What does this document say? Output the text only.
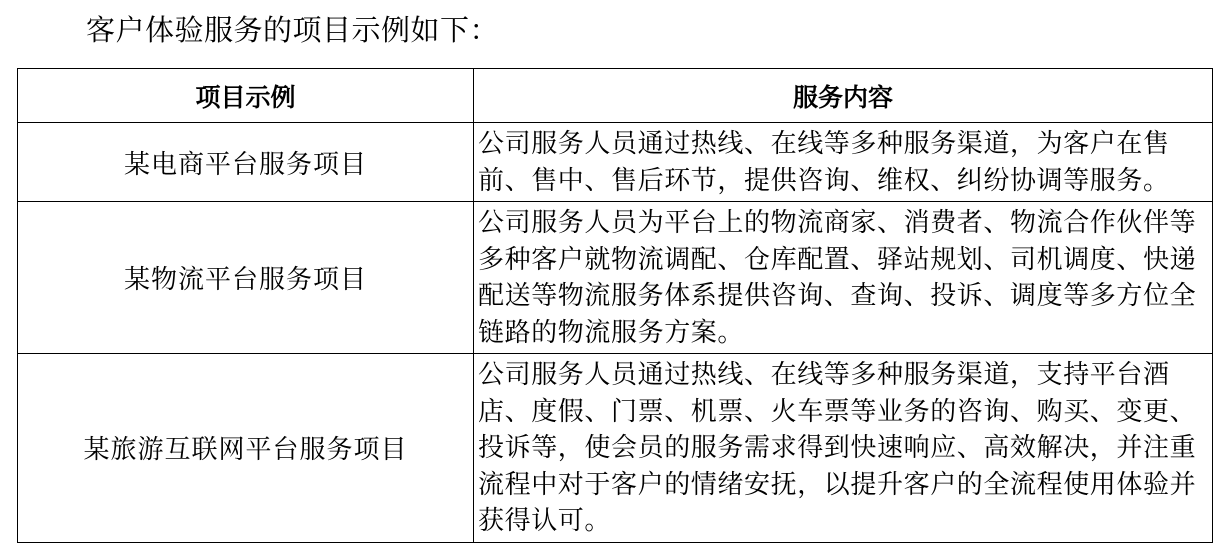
客户体验服务的项目示例如下：
项目示例	服务内容
某电商平台服务项目	公司服务人员通过热线、在线等多种服务渠道，为客户在售前、售中、售后环节，提供咨询、维权、纠纷协调等服务。
某物流平台服务项目	公司服务人员为平台上的物流商家、消费者、物流合作伙伴等多种客户就物流调配、仓库配置、驿站规划、司机调度、快递配送等物流服务体系提供咨询、查询、投诉、调度等多方位全链路的物流服务方案。
某旅游互联网平台服务项目	公司服务人员通过热线、在线等多种服务渠道，支持平台酒店、度假、门票、机票、火车票等业务的咨询、购买、变更、投诉等，使会员的服务需求得到快速响应、高效解决，并注重流程中对于客户的情绪安抚，以提升客户的全流程使用体验并获得认可。
